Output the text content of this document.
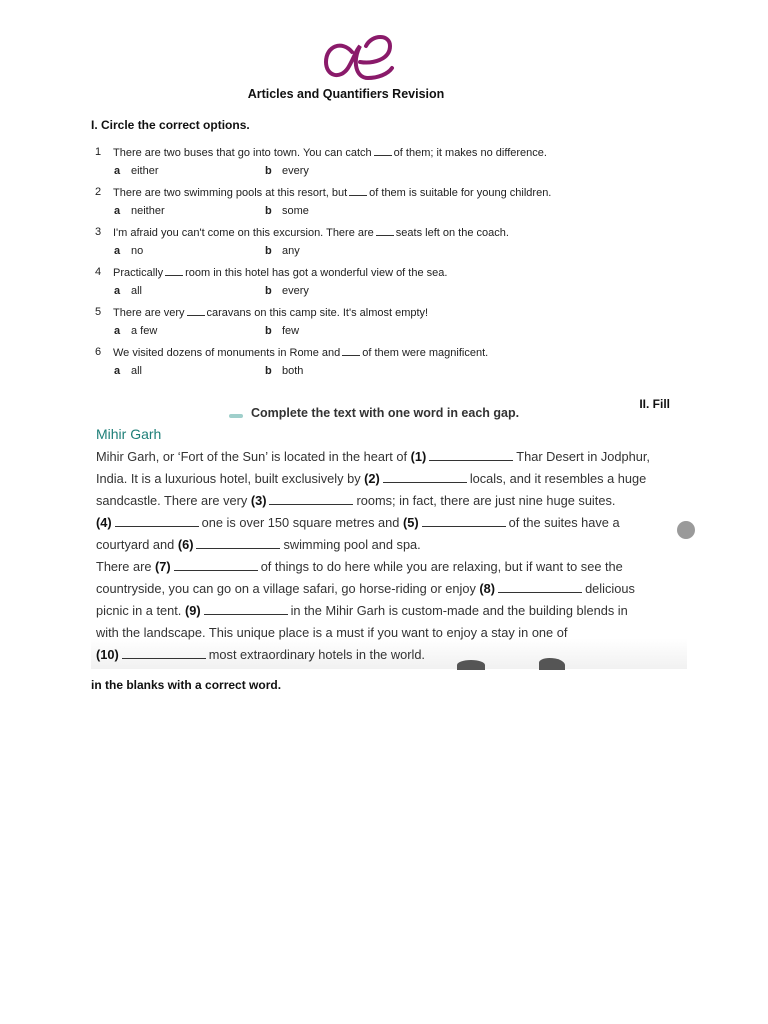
Articles and Quantifiers Revision
I. Circle the correct options.
1 There are two buses that go into town. You can catch of them; it makes no difference.
a either	b every
2 There are two swimming pools at this resort, but of them is suitable for young children.
a neither	b some
3 I'm afraid you can't come on this excursion. There are seats left on the coach.
a no	b any
4 Practically room in this hotel has got a wonderful view of the sea.
a all	b every
5 There are very caravans on this camp site. It's almost empty!
a a few	b few
6 We visited dozens of monuments in Rome and of them were magnificent.
a all	b both
II. Fill
Complete the text with one word in each gap.
Mihir Garh
Mihir Garh, or ‘Fort of the Sun’ is located in the heart of (1)	Thar Desert in Jodphur,
India. It is a luxurious hotel, built exclusively by (2)	locals, and it resembles a huge
sandcastle. There are very (3)	rooms; in fact, there are just nine huge suites.
(4)	one is over 150 square metres and (5)	of the suites have a
courtyard and (6)	swimming pool and spa.
There are (7)	of things to do here while you are relaxing, but if want to see the
countryside, you can go on a village safari, go horse-riding or enjoy (8)	delicious
picnic in a tent. (9)	in the Mihir Garh is custom-made and the building blends in
with the landscape. This unique place is a must if you want to enjoy a stay in one of
(10)	most extraordinary hotels in the world.
in the blanks with a correct word.
